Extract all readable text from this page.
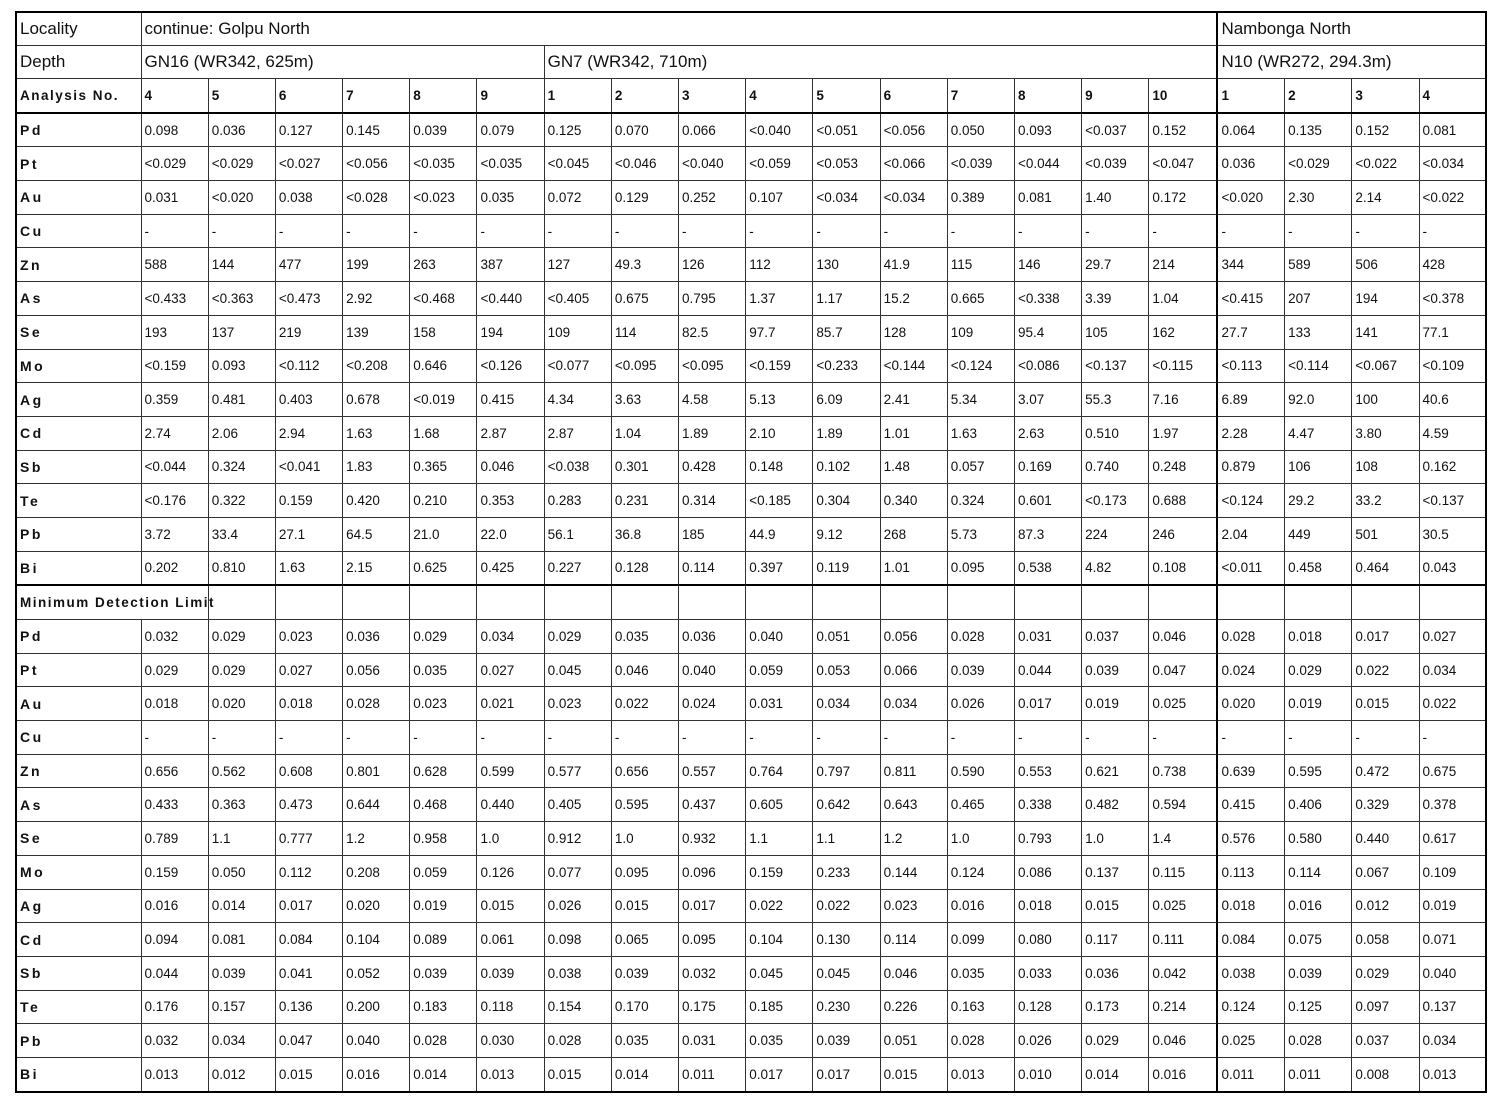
Locality	continue: Golpu North																Nambonga North			
Depth	GN16 (WR342, 625m)						GN7 (WR342, 710m)										N10 (WR272, 294.3m)			
Analysis No.	4	5	6	7	8	9	1	2	3	4	5	6	7	8	9	10	1	2	3	4
Pd	0.098	0.036	0.127	0.145	0.039	0.079	0.125	0.070	0.066	<0.040	<0.051	<0.056	0.050	0.093	<0.037	0.152	0.064	0.135	0.152	0.081
Pt	<0.029	<0.029	<0.027	<0.056	<0.035	<0.035	<0.045	<0.046	<0.040	<0.059	<0.053	<0.066	<0.039	<0.044	<0.039	<0.047	0.036	<0.029	<0.022	<0.034
Au	0.031	<0.020	0.038	<0.028	<0.023	0.035	0.072	0.129	0.252	0.107	<0.034	<0.034	0.389	0.081	1.40	0.172	<0.020	2.30	2.14	<0.022
Cu	-	-	-	-	-	-	-	-	-	-	-	-	-	-	-	-	-	-	-	-
Zn	588	144	477	199	263	387	127	49.3	126	112	130	41.9	115	146	29.7	214	344	589	506	428
As	<0.433	<0.363	<0.473	2.92	<0.468	<0.440	<0.405	0.675	0.795	1.37	1.17	15.2	0.665	<0.338	3.39	1.04	<0.415	207	194	<0.378
Se	193	137	219	139	158	194	109	114	82.5	97.7	85.7	128	109	95.4	105	162	27.7	133	141	77.1
Mo	<0.159	0.093	<0.112	<0.208	0.646	<0.126	<0.077	<0.095	<0.095	<0.159	<0.233	<0.144	<0.124	<0.086	<0.137	<0.115	<0.113	<0.114	<0.067	<0.109
Ag	0.359	0.481	0.403	0.678	<0.019	0.415	4.34	3.63	4.58	5.13	6.09	2.41	5.34	3.07	55.3	7.16	6.89	92.0	100	40.6
Cd	2.74	2.06	2.94	1.63	1.68	2.87	2.87	1.04	1.89	2.10	1.89	1.01	1.63	2.63	0.510	1.97	2.28	4.47	3.80	4.59
Sb	<0.044	0.324	<0.041	1.83	0.365	0.046	<0.038	0.301	0.428	0.148	0.102	1.48	0.057	0.169	0.740	0.248	0.879	106	108	0.162
Te	<0.176	0.322	0.159	0.420	0.210	0.353	0.283	0.231	0.314	<0.185	0.304	0.340	0.324	0.601	<0.173	0.688	<0.124	29.2	33.2	<0.137
Pb	3.72	33.4	27.1	64.5	21.0	22.0	56.1	36.8	185	44.9	9.12	268	5.73	87.3	224	246	2.04	449	501	30.5
Bi	0.202	0.810	1.63	2.15	0.625	0.425	0.227	0.128	0.114	0.397	0.119	1.01	0.095	0.538	4.82	0.108	<0.011	0.458	0.464	0.043
Minimum Detection Limit																				
Pd	0.032	0.029	0.023	0.036	0.029	0.034	0.029	0.035	0.036	0.040	0.051	0.056	0.028	0.031	0.037	0.046	0.028	0.018	0.017	0.027
Pt	0.029	0.029	0.027	0.056	0.035	0.027	0.045	0.046	0.040	0.059	0.053	0.066	0.039	0.044	0.039	0.047	0.024	0.029	0.022	0.034
Au	0.018	0.020	0.018	0.028	0.023	0.021	0.023	0.022	0.024	0.031	0.034	0.034	0.026	0.017	0.019	0.025	0.020	0.019	0.015	0.022
Cu	-	-	-	-	-	-	-	-	-	-	-	-	-	-	-	-	-	-	-	-
Zn	0.656	0.562	0.608	0.801	0.628	0.599	0.577	0.656	0.557	0.764	0.797	0.811	0.590	0.553	0.621	0.738	0.639	0.595	0.472	0.675
As	0.433	0.363	0.473	0.644	0.468	0.440	0.405	0.595	0.437	0.605	0.642	0.643	0.465	0.338	0.482	0.594	0.415	0.406	0.329	0.378
Se	0.789	1.1	0.777	1.2	0.958	1.0	0.912	1.0	0.932	1.1	1.1	1.2	1.0	0.793	1.0	1.4	0.576	0.580	0.440	0.617
Mo	0.159	0.050	0.112	0.208	0.059	0.126	0.077	0.095	0.096	0.159	0.233	0.144	0.124	0.086	0.137	0.115	0.113	0.114	0.067	0.109
Ag	0.016	0.014	0.017	0.020	0.019	0.015	0.026	0.015	0.017	0.022	0.022	0.023	0.016	0.018	0.015	0.025	0.018	0.016	0.012	0.019
Cd	0.094	0.081	0.084	0.104	0.089	0.061	0.098	0.065	0.095	0.104	0.130	0.114	0.099	0.080	0.117	0.111	0.084	0.075	0.058	0.071
Sb	0.044	0.039	0.041	0.052	0.039	0.039	0.038	0.039	0.032	0.045	0.045	0.046	0.035	0.033	0.036	0.042	0.038	0.039	0.029	0.040
Te	0.176	0.157	0.136	0.200	0.183	0.118	0.154	0.170	0.175	0.185	0.230	0.226	0.163	0.128	0.173	0.214	0.124	0.125	0.097	0.137
Pb	0.032	0.034	0.047	0.040	0.028	0.030	0.028	0.035	0.031	0.035	0.039	0.051	0.028	0.026	0.029	0.046	0.025	0.028	0.037	0.034
Bi	0.013	0.012	0.015	0.016	0.014	0.013	0.015	0.014	0.011	0.017	0.017	0.015	0.013	0.010	0.014	0.016	0.011	0.011	0.008	0.013
